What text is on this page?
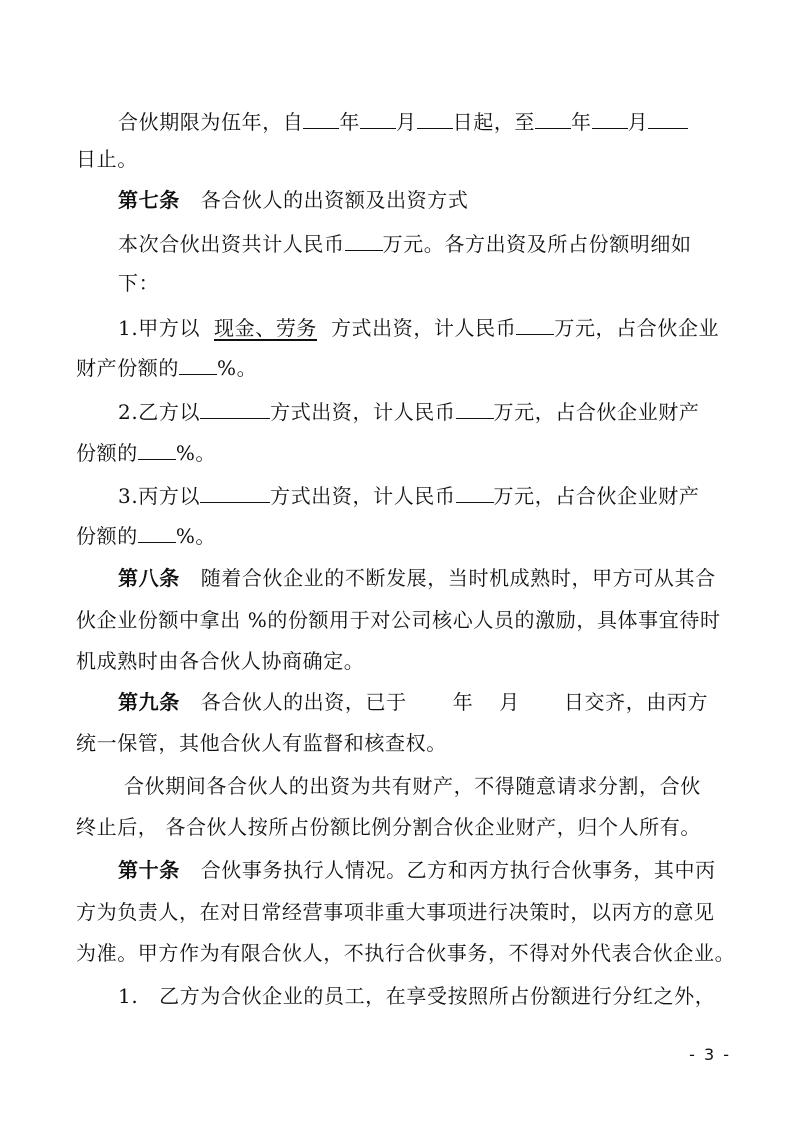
合伙期限为伍年，自 年 月 日起，至 年 月
日止。
第七条 各合伙人的出资额及出资方式
本次合伙出资共计人民币 万元。各方出资及所占份额明细如
下：
1.甲方以 现金、劳务 方式出资，计人民币 万元，占合伙企业
财产份额的 %。
2.乙方以	方式出资，计人民币 万元，占合伙企业财产
份额的 %。
3.丙方以	方式出资，计人民币 万元，占合伙企业财产
份额的 %。
第八条 随着合伙企业的不断发展，当时机成熟时，甲方可从其合
伙企业份额中拿出 %的份额用于对公司核心人员的激励，具体事宜待时
机成熟时由各合伙人协商确定。
第九条 各合伙人的出资，已于 年 月 日交齐，由丙方
统一保管，其他合伙人有监督和核查权。
合伙期间各合伙人的出资为共有财产，不得随意请求分割，合伙
终止后， 各合伙人按所占份额比例分割合伙企业财产，归个人所有。
第十条 合伙事务执行人情况。乙方和丙方执行合伙事务，其中丙
方为负责人，在对日常经营事项非重大事项进行决策时，以丙方的意见
为准。甲方作为有限合伙人，不执行合伙事务，不得对外代表合伙企业。
1. 乙方为合伙企业的员工，在享受按照所占份额进行分红之外，
- 3 -
